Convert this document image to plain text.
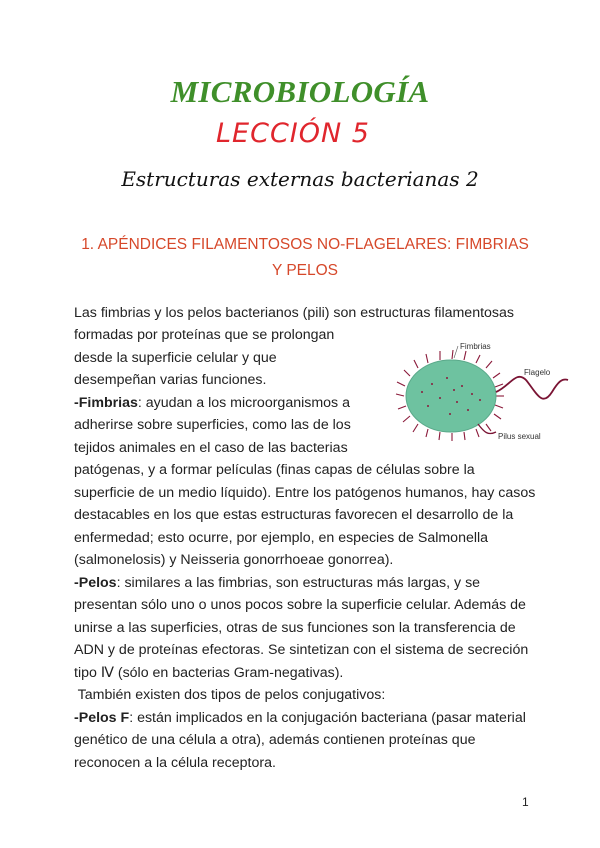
MICROBIOLOGÍA
LECCIÓN 5
Estructuras externas bacterianas 2
1. APÉNDICES FILAMENTOSOS NO-FLAGELARES: FIMBRIAS
Y PELOS
Fimbrias
Flagelo
Pilus sexual
Las fimbrias y los pelos bacterianos (pili) son estructuras filamentosas
formadas por proteínas que se prolongan
desde la superficie celular y que
desempeñan varias funciones.
-Fimbrias: ayudan a los microorganismos a
adherirse sobre superficies, como las de los
tejidos animales en el caso de las bacterias
patógenas, y a formar películas (finas capas de células sobre la
superficie de un medio líquido). Entre los patógenos humanos, hay casos
destacables en los que estas estructuras favorecen el desarrollo de la
enfermedad; esto ocurre, por ejemplo, en especies de Salmonella
(salmonelosis) y Neisseria gonorrhoeae gonorrea).
-Pelos: similares a las fimbrias, son estructuras más largas, y se
presentan sólo uno o unos pocos sobre la superficie celular. Además de
unirse a las superficies, otras de sus funciones son la transferencia de
ADN y de proteínas efectoras. Se sintetizan con el sistema de secreción
tipo Ⅳ (sólo en bacterias Gram-negativas).
También existen dos tipos de pelos conjugativos:
-Pelos F: están implicados en la conjugación bacteriana (pasar material
genético de una célula a otra), además contienen proteínas que
reconocen a la célula receptora.
1
